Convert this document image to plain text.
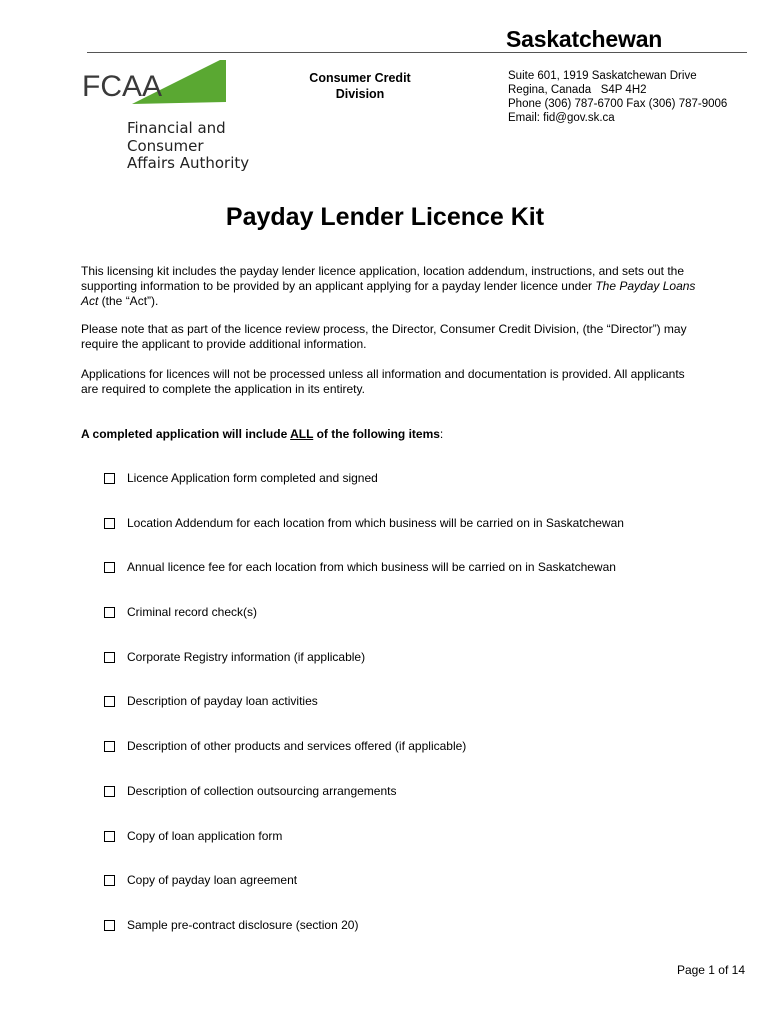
Saskatchewan
FCAA
Financial and
Consumer
Affairs Authority
Consumer Credit
Division
Suite 601, 1919 Saskatchewan Drive
Regina, Canada   S4P 4H2
Phone (306) 787-6700 Fax (306) 787-9006
Email: fid@gov.sk.ca
Payday Lender Licence Kit

This licensing kit includes the payday lender licence application, location addendum, instructions, and sets out the supporting information to be provided by an applicant applying for a payday lender licence under The Payday Loans Act (the “Act”).

Please note that as part of the licence review process, the Director, Consumer Credit Division, (the “Director”) may require the applicant to provide additional information.

Applications for licences will not be processed unless all information and documentation is provided. All applicants are required to complete the application in its entirety.

A completed application will include ALL of the following items:
Licence Application form completed and signed
Location Addendum for each location from which business will be carried on in Saskatchewan
Annual licence fee for each location from which business will be carried on in Saskatchewan
Criminal record check(s)
Corporate Registry information (if applicable)
Description of payday loan activities
Description of other products and services offered (if applicable)
Description of collection outsourcing arrangements
Copy of loan application form
Copy of payday loan agreement
Sample pre-contract disclosure (section 20)
Page 1 of 14
